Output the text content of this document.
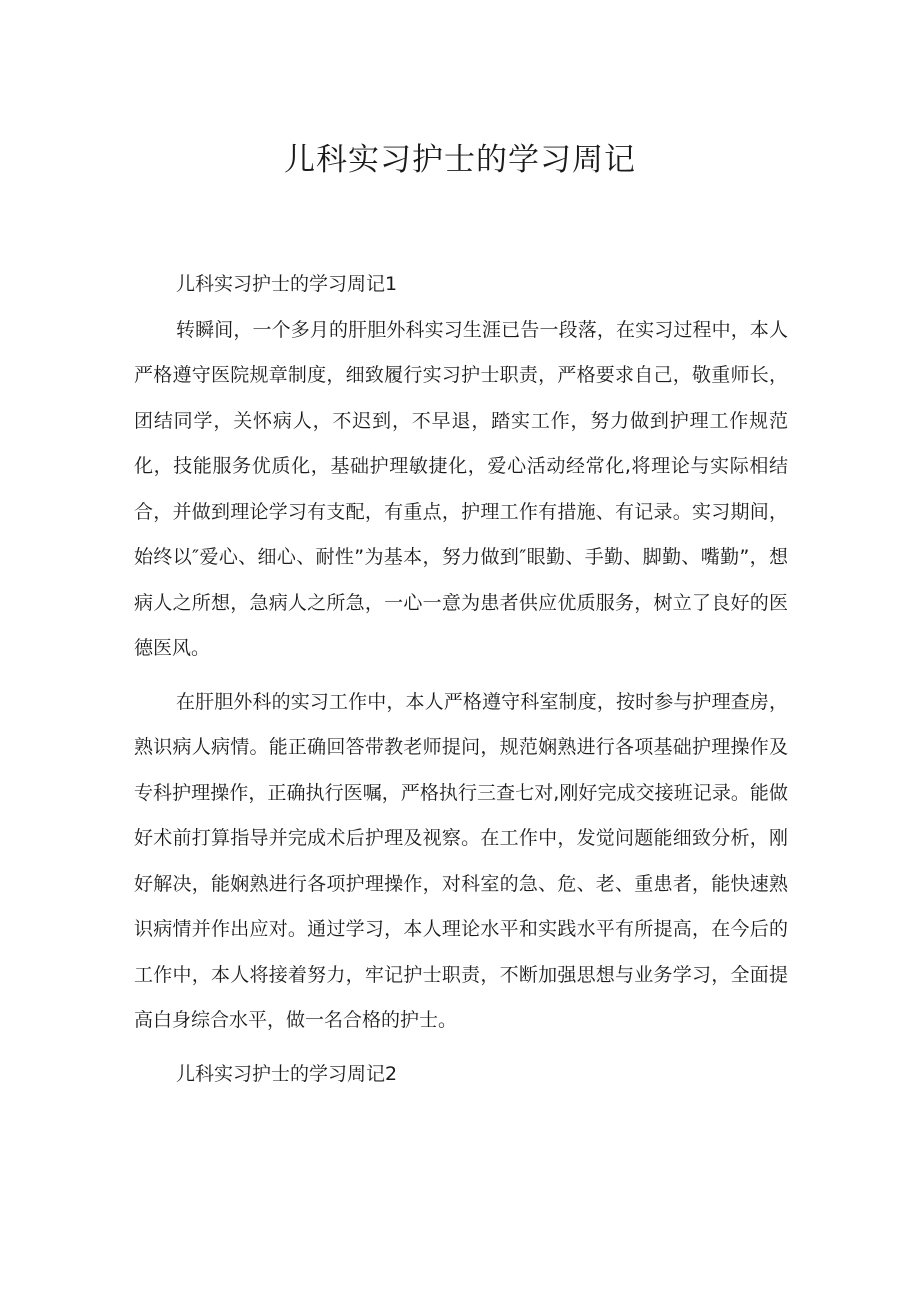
儿科实习护士的学习周记

儿科实习护士的学习周记1

转瞬间，一个多月的肝胆外科实习生涯已告一段落，在实习过程中，本人严格遵守医院规章制度，细致履行实习护士职责，严格要求自己，敬重师长，团结同学，关怀病人，不迟到，不早退，踏实工作，努力做到护理工作规范化，技能服务优质化，基础护理敏捷化，爱心活动经常化,将理论与实际相结合，并做到理论学习有支配，有重点，护理工作有措施、有记录。实习期间，始终以″爱心、细心、耐性”为基本，努力做到″眼勤、手勤、脚勤、嘴勤”，想病人之所想，急病人之所急，一心一意为患者供应优质服务，树立了良好的医德医风。

在肝胆外科的实习工作中，本人严格遵守科室制度，按时参与护理查房，熟识病人病情。能正确回答带教老师提问，规范娴熟进行各项基础护理操作及专科护理操作，正确执行医嘱，严格执行三查七对,刚好完成交接班记录。能做好术前打算指导并完成术后护理及视察。在工作中，发觉问题能细致分析，刚好解决，能娴熟进行各项护理操作，对科室的急、危、老、重患者，能快速熟识病情并作出应对。通过学习，本人理论水平和实践水平有所提高，在今后的工作中，本人将接着努力，牢记护士职责，不断加强思想与业务学习，全面提高白身综合水平，做一名合格的护士。

儿科实习护士的学习周记2
